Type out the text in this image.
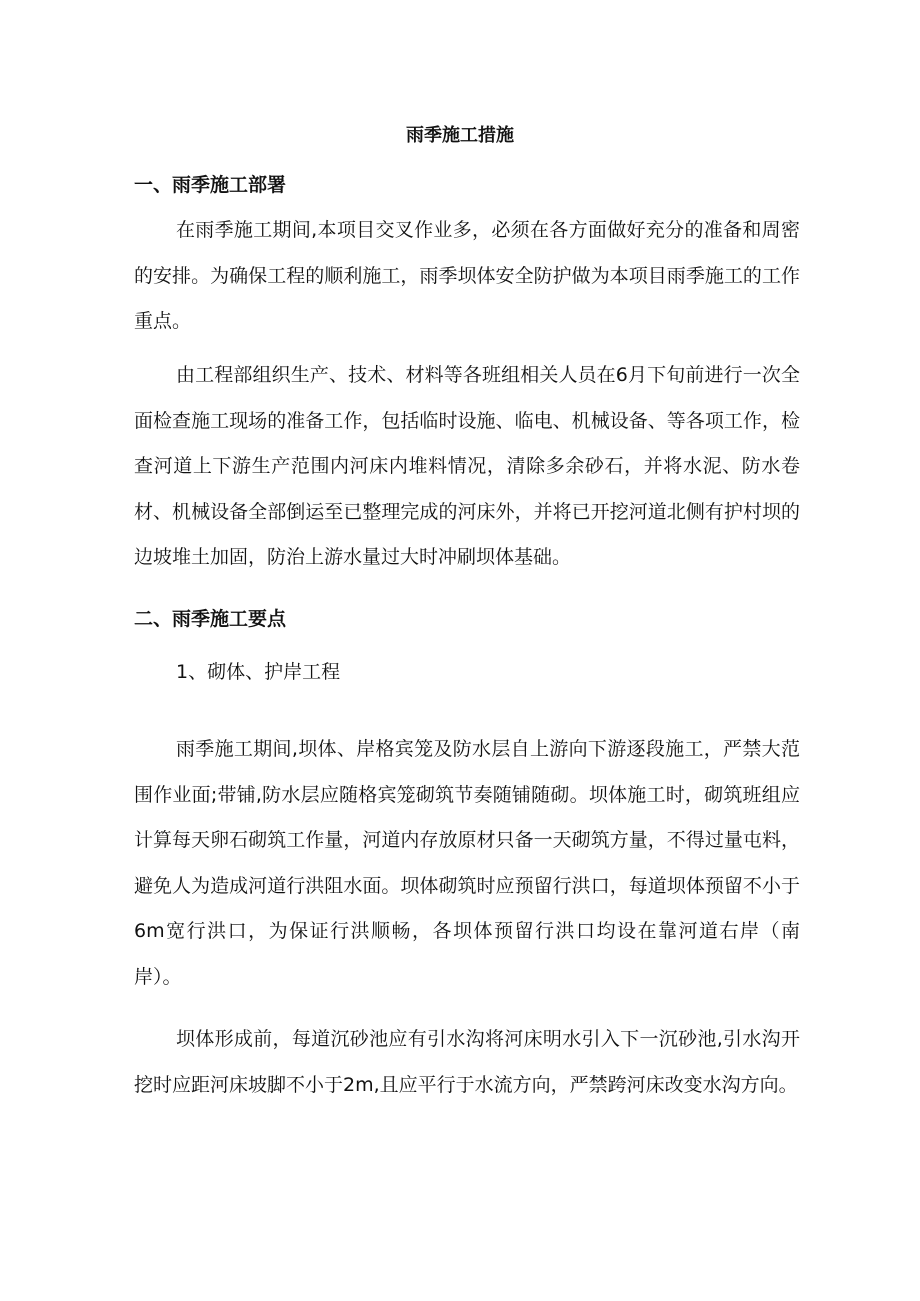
雨季施工措施
一、雨季施工部署

在雨季施工期间,本项目交叉作业多，必须在各方面做好充分的准备和周密的安排。为确保工程的顺利施工，雨季坝体安全防护做为本项目雨季施工的工作重点。

由工程部组织生产、技术、材料等各班组相关人员在6月下旬前进行一次全面检查施工现场的准备工作，包括临时设施、临电、机械设备、等各项工作，检查河道上下游生产范围内河床内堆料情况，清除多余砂石，并将水泥、防水卷材、机械设备全部倒运至已整理完成的河床外，并将已开挖河道北侧有护村坝的边坡堆土加固，防治上游水量过大时冲刷坝体基础。

二、雨季施工要点
1、砌体、护岸工程

雨季施工期间,坝体、岸格宾笼及防水层自上游向下游逐段施工，严禁大范围作业面;带铺,防水层应随格宾笼砌筑节奏随铺随砌。坝体施工时，砌筑班组应计算每天卵石砌筑工作量，河道内存放原材只备一天砌筑方量，不得过量屯料，避免人为造成河道行洪阻水面。坝体砌筑时应预留行洪口，每道坝体预留不小于6m宽行洪口，为保证行洪顺畅，各坝体预留行洪口均设在靠河道右岸（南岸）。

坝体形成前，每道沉砂池应有引水沟将河床明水引入下一沉砂池,引水沟开挖时应距河床坡脚不小于2m,且应平行于水流方向，严禁跨河床改变水沟方向。
